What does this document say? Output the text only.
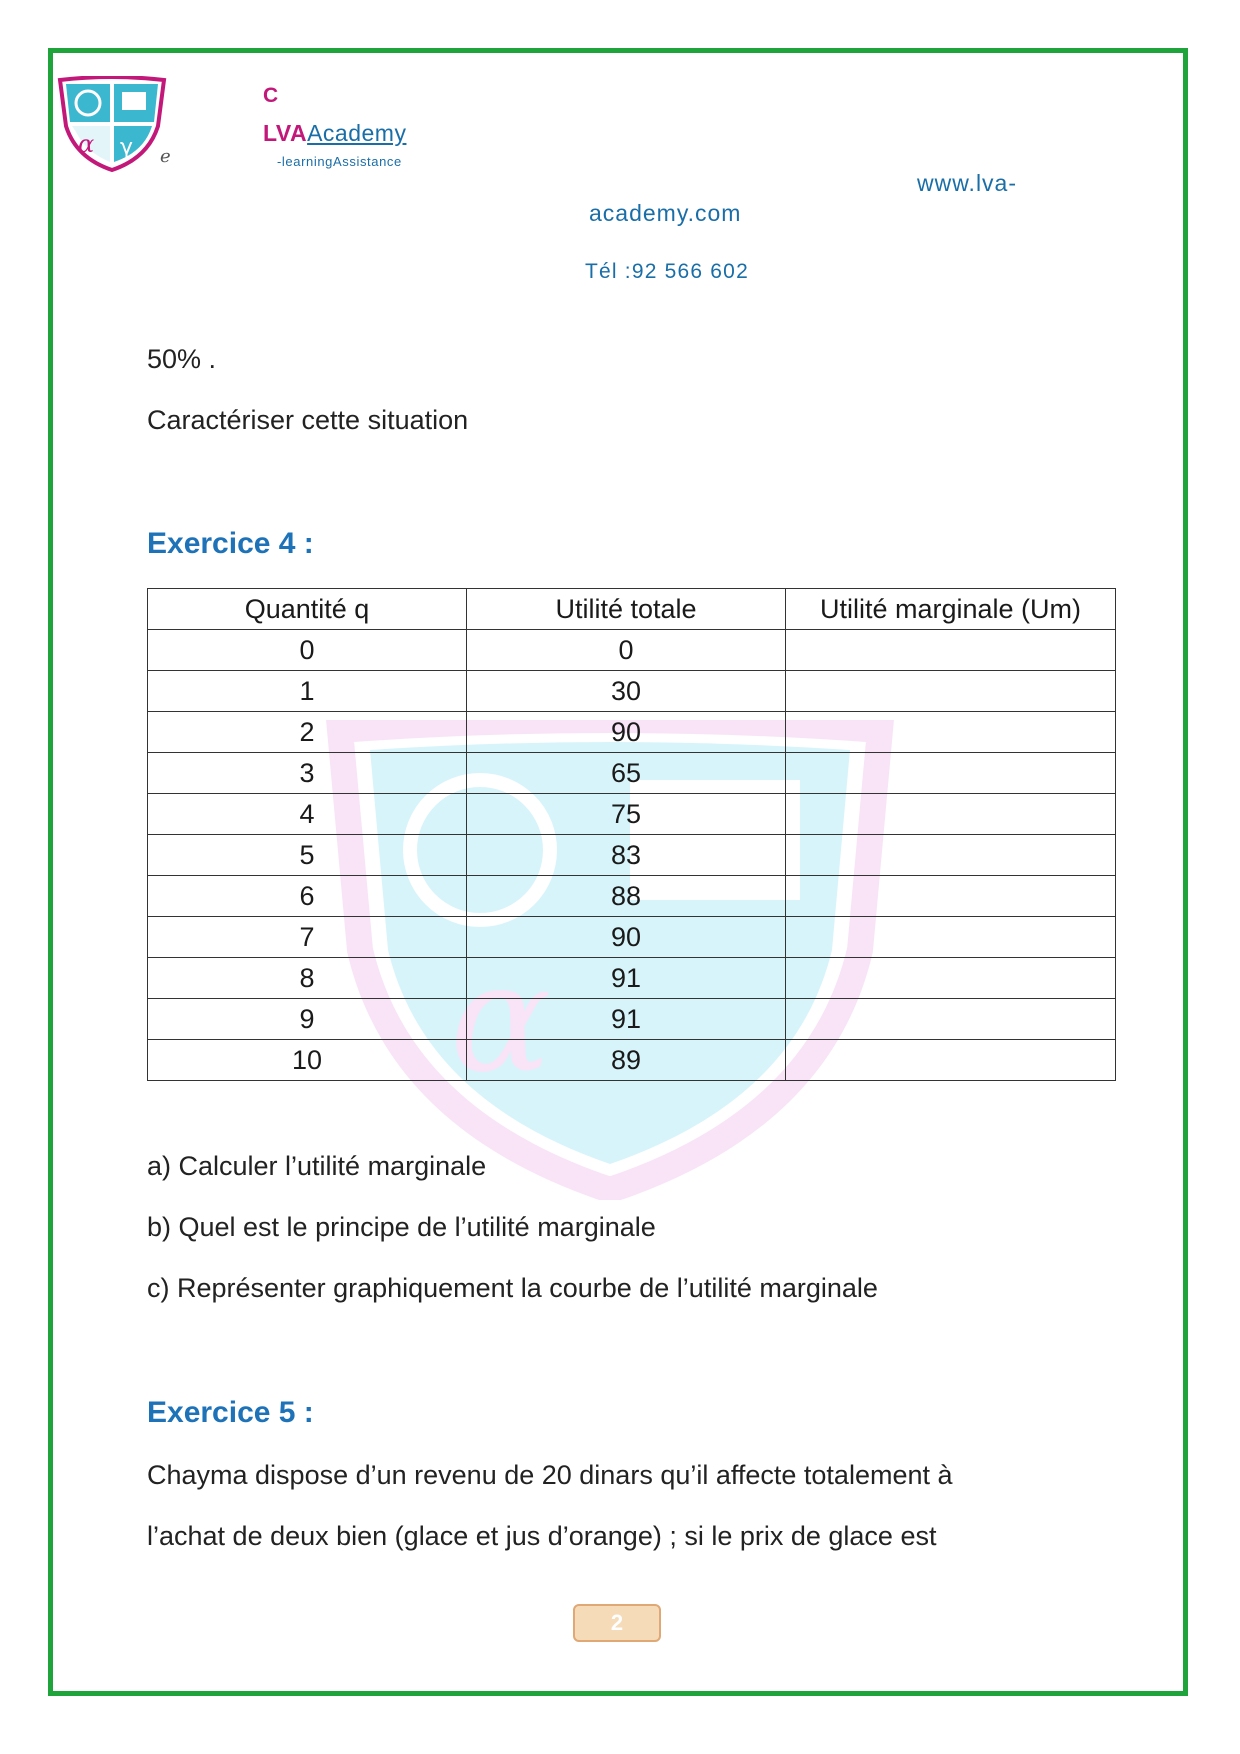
α
α γ e
C
LVAAcademy
-learningAssistance
www.lva-
academy.com
Tél :92 566 602
50% .
Caractériser cette situation
Exercice 4 :
Quantité q	Utilité totale	Utilité marginale (Um)
0	0	
1	30	
2	90	
3	65	
4	75	
5	83	
6	88	
7	90	
8	91	
9	91	
10	89	
a) Calculer l’utilité marginale
b) Quel est le principe de l’utilité marginale
c) Représenter graphiquement la courbe de l’utilité marginale
Exercice 5 :
Chayma dispose d’un revenu de 20 dinars qu’il affecte totalement à
l’achat de deux bien (glace et jus d’orange) ; si le prix de glace est
2
